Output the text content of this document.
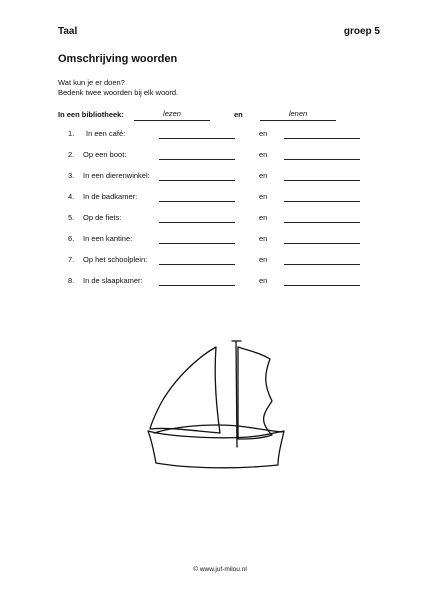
Taal	groep 5
Omschrijving woorden
Wat kun je er doen?
Bedenk twee woorden bij elk woord.
In een bibliotheek:	lezen	en	lenen
1.	In een café:	en
2.	Op een boot:	en
3.	In een dierenwinkel:	en
4.	In de badkamer:	en
5.	Op de fiets:	en
6.	In een kantine:	en
7.	Op het schoolplein:	en
8.	In de slaapkamer:	en
© www.juf-milou.nl
